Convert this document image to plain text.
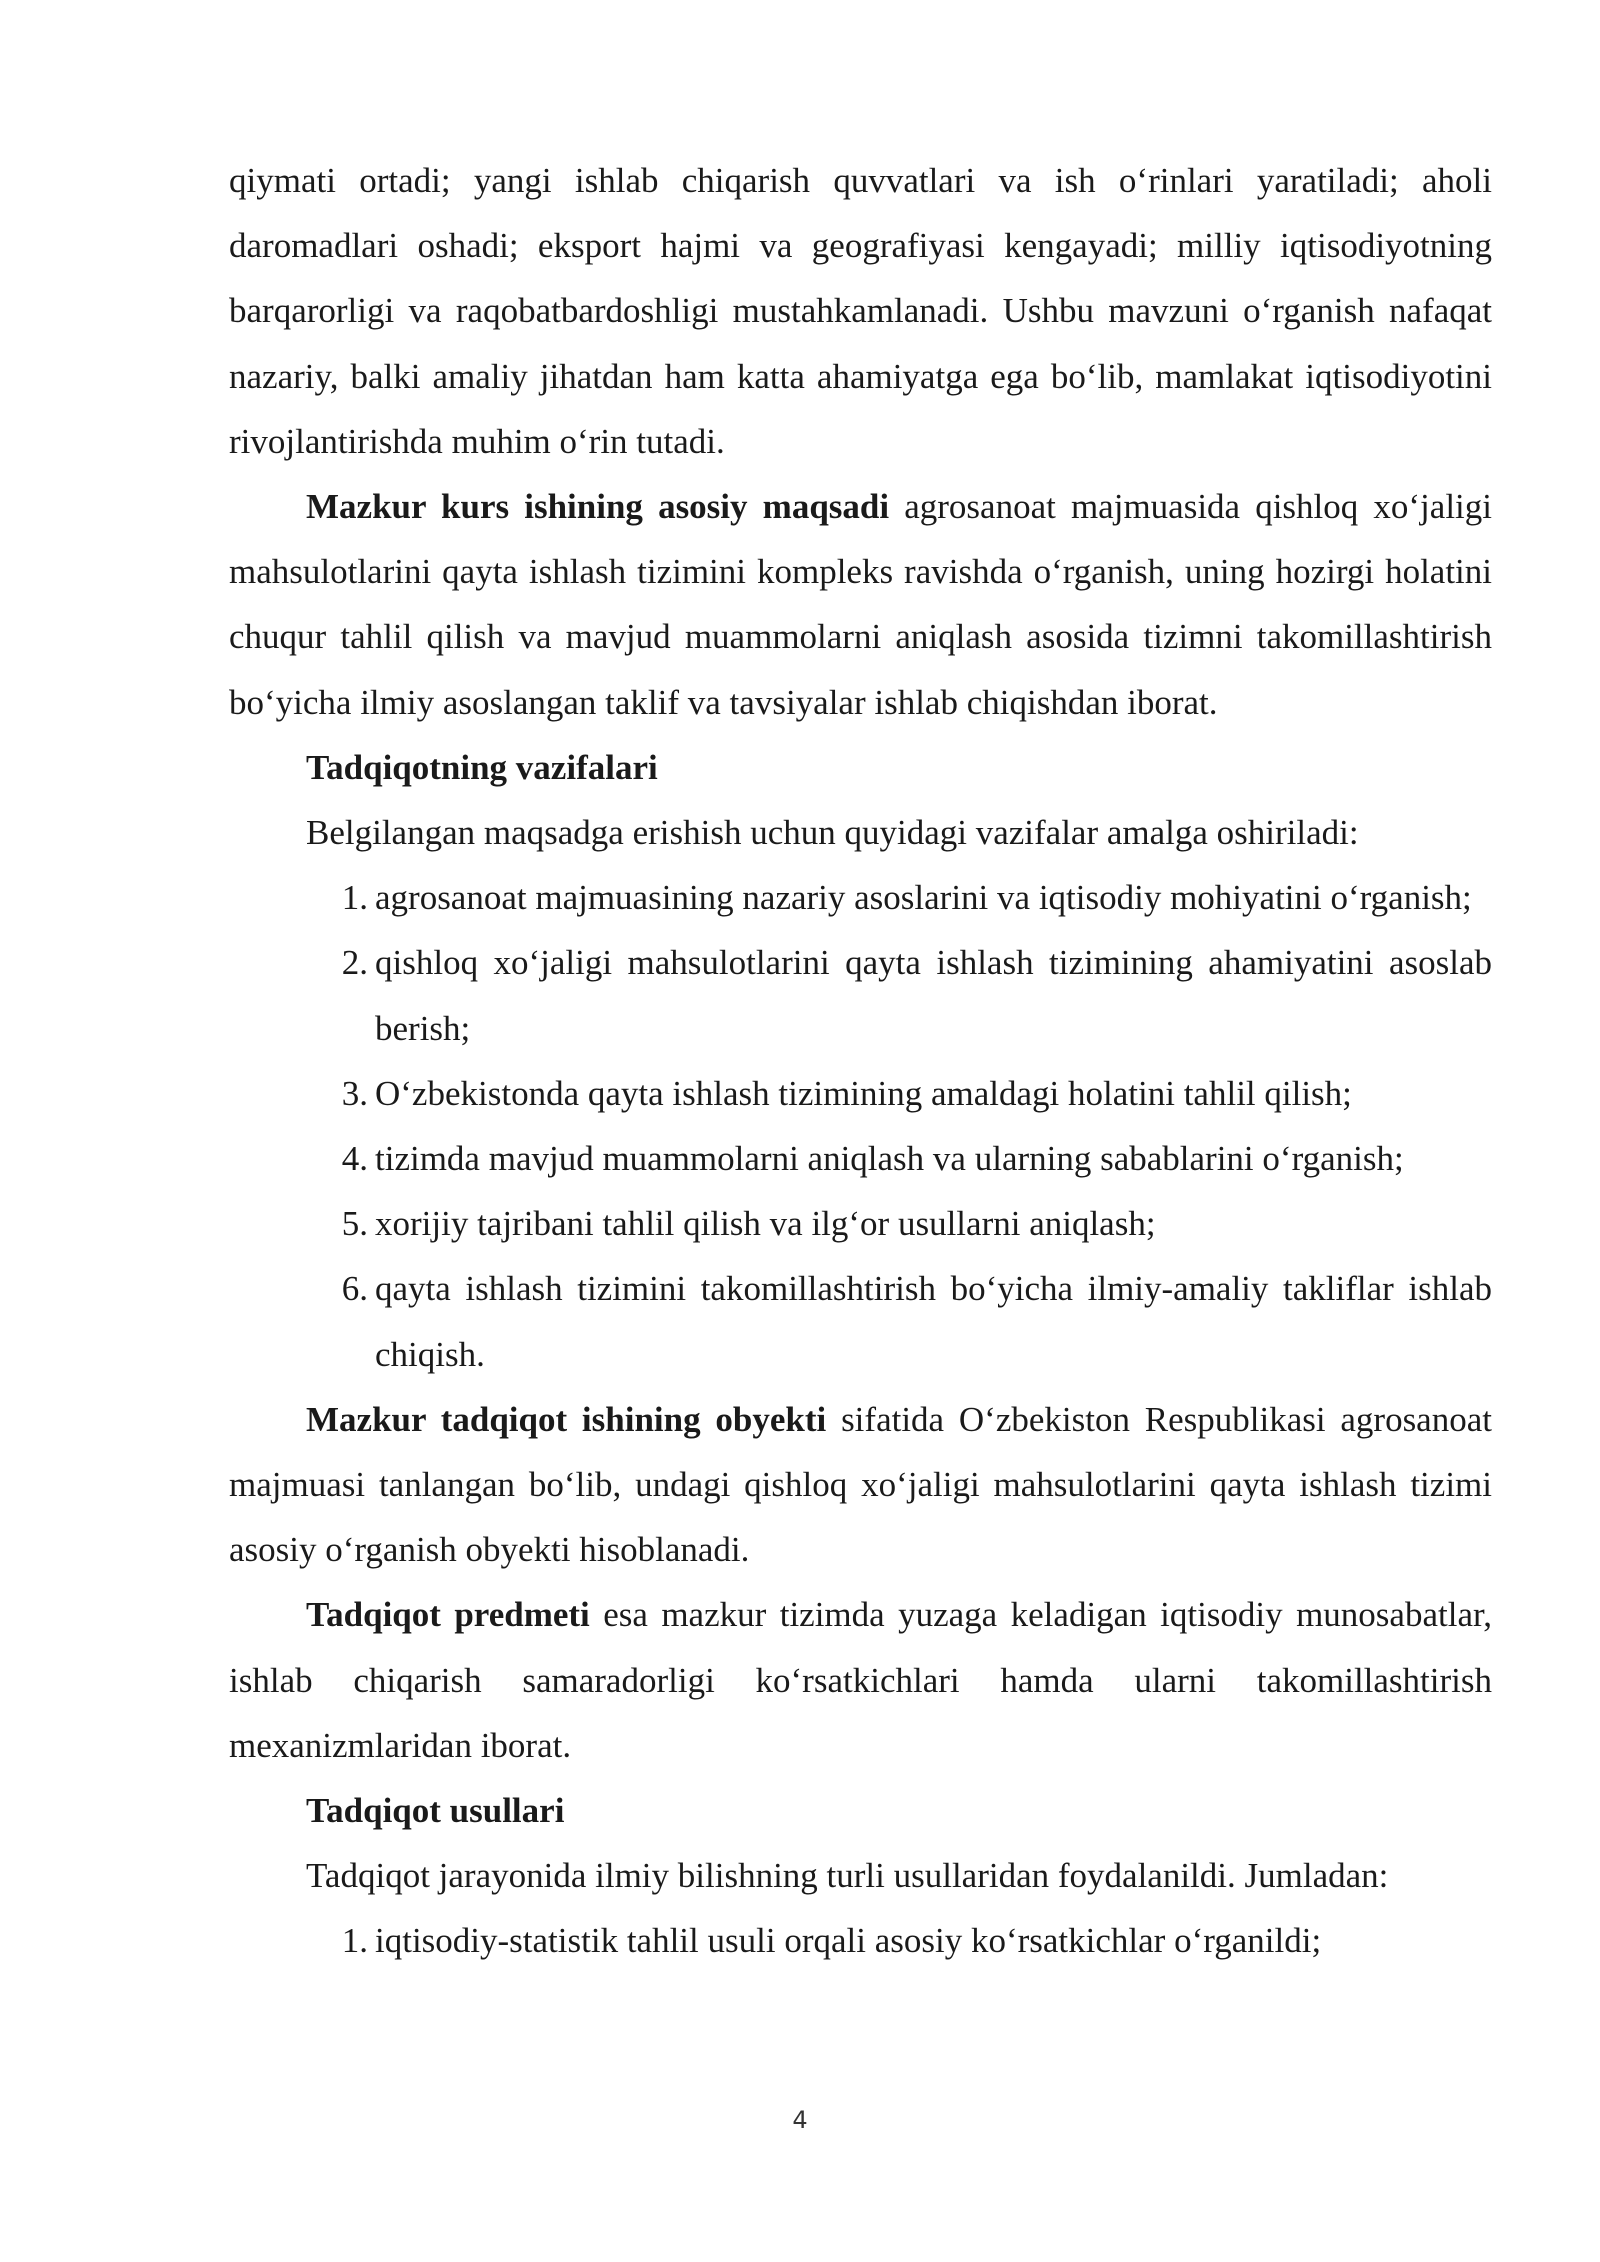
qiymati ortadi; yangi ishlab chiqarish quvvatlari va ish o‘rinlari yaratiladi; aholi daromadlari oshadi; eksport hajmi va geografiyasi kengayadi; milliy iqtisodiyotning barqarorligi va raqobatbardoshligi mustahkamlanadi. Ushbu mavzuni o‘rganish nafaqat nazariy, balki amaliy jihatdan ham katta ahamiyatga ega bo‘lib, mamlakat iqtisodiyotini rivojlantirishda muhim o‘rin tutadi.

Mazkur kurs ishining asosiy maqsadi agrosanoat majmuasida qishloq xo‘jaligi mahsulotlarini qayta ishlash tizimini kompleks ravishda o‘rganish, uning hozirgi holatini chuqur tahlil qilish va mavjud muammolarni aniqlash asosida tizimni takomillashtirish bo‘yicha ilmiy asoslangan taklif va tavsiyalar ishlab chiqishdan iborat.

Tadqiqotning vazifalari

Belgilangan maqsadga erishish uchun quyidagi vazifalar amalga oshiriladi:

1. agrosanoat majmuasining nazariy asoslarini va iqtisodiy mohiyatini o‘rganish;
2. qishloq xo‘jaligi mahsulotlarini qayta ishlash tizimining ahamiyatini asoslab berish;
3. O‘zbekistonda qayta ishlash tizimining amaldagi holatini tahlil qilish;
4. tizimda mavjud muammolarni aniqlash va ularning sabablarini o‘rganish;
5. xorijiy tajribani tahlil qilish va ilg‘or usullarni aniqlash;
6. qayta ishlash tizimini takomillashtirish bo‘yicha ilmiy-amaliy takliflar ishlab chiqish.

Mazkur tadqiqot ishining obyekti sifatida O‘zbekiston Respublikasi agrosanoat majmuasi tanlangan bo‘lib, undagi qishloq xo‘jaligi mahsulotlarini qayta ishlash tizimi asosiy o‘rganish obyekti hisoblanadi.

Tadqiqot predmeti esa mazkur tizimda yuzaga keladigan iqtisodiy munosabatlar, ishlab chiqarish samaradorligi ko‘rsatkichlari hamda ularni takomillashtirish mexanizmlaridan iborat.

Tadqiqot usullari

Tadqiqot jarayonida ilmiy bilishning turli usullaridan foydalanildi. Jumladan:

1. iqtisodiy-statistik tahlil usuli orqali asosiy ko‘rsatkichlar o‘rganildi;
4
